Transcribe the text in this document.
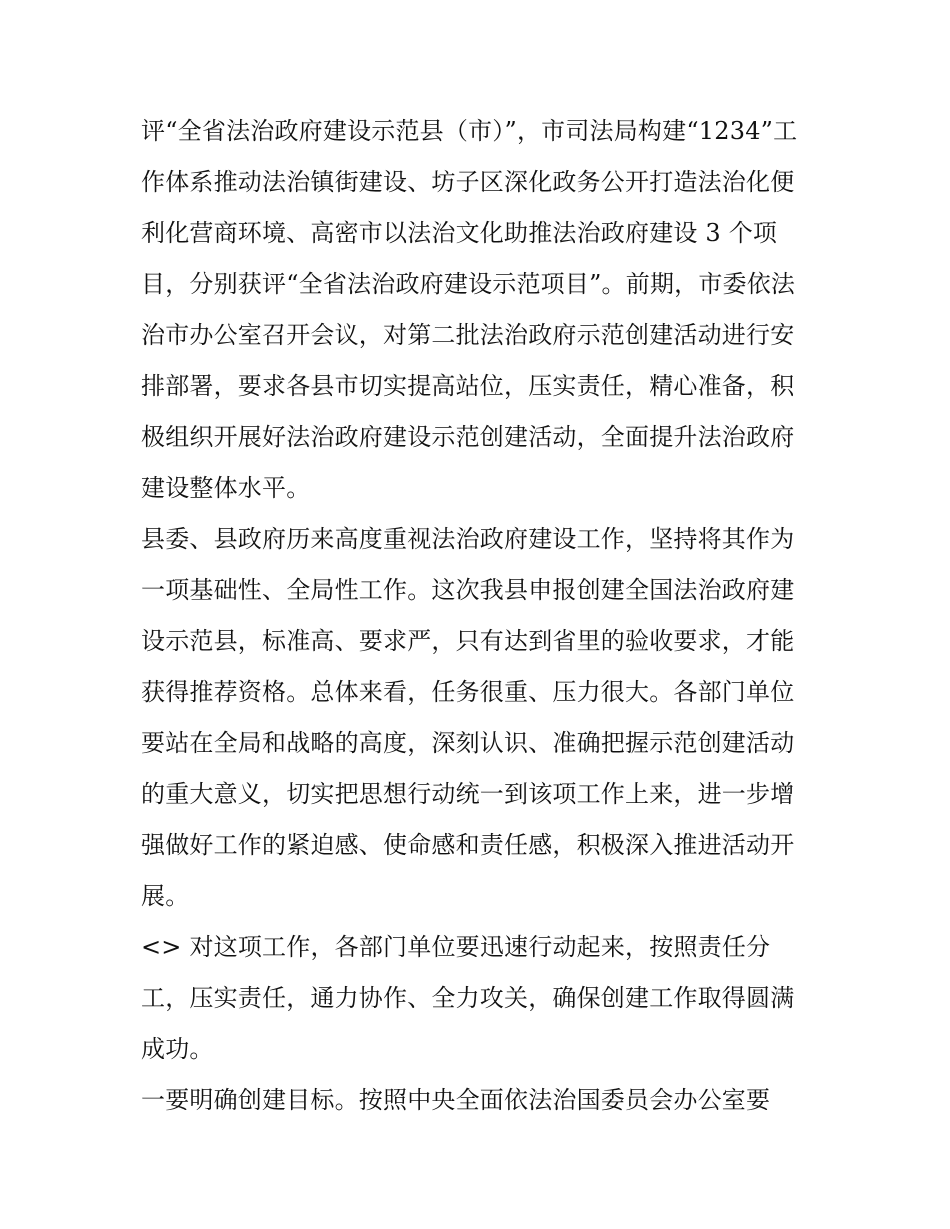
评“全省法治政府建设示范县（市）”，市司法局构建“1234”工
作体系推动法治镇街建设、坊子区深化政务公开打造法治化便
利化营商环境、高密市以法治文化助推法治政府建设 3 个项
目，分别获评“全省法治政府建设示范项目”。前期，市委依法
治市办公室召开会议，对第二批法治政府示范创建活动进行安
排部署，要求各县市切实提高站位，压实责任，精心准备，积
极组织开展好法治政府建设示范创建活动，全面提升法治政府
建设整体水平。
县委、县政府历来高度重视法治政府建设工作，坚持将其作为
一项基础性、全局性工作。这次我县申报创建全国法治政府建
设示范县，标准高、要求严，只有达到省里的验收要求，才能
获得推荐资格。总体来看，任务很重、压力很大。各部门单位
要站在全局和战略的高度，深刻认识、准确把握示范创建活动
的重大意义，切实把思想行动统一到该项工作上来，进一步增
强做好工作的紧迫感、使命感和责任感，积极深入推进活动开
展。
<> 对这项工作，各部门单位要迅速行动起来，按照责任分
工，压实责任，通力协作、全力攻关，确保创建工作取得圆满
成功。
一要明确创建目标。按照中央全面依法治国委员会办公室要
